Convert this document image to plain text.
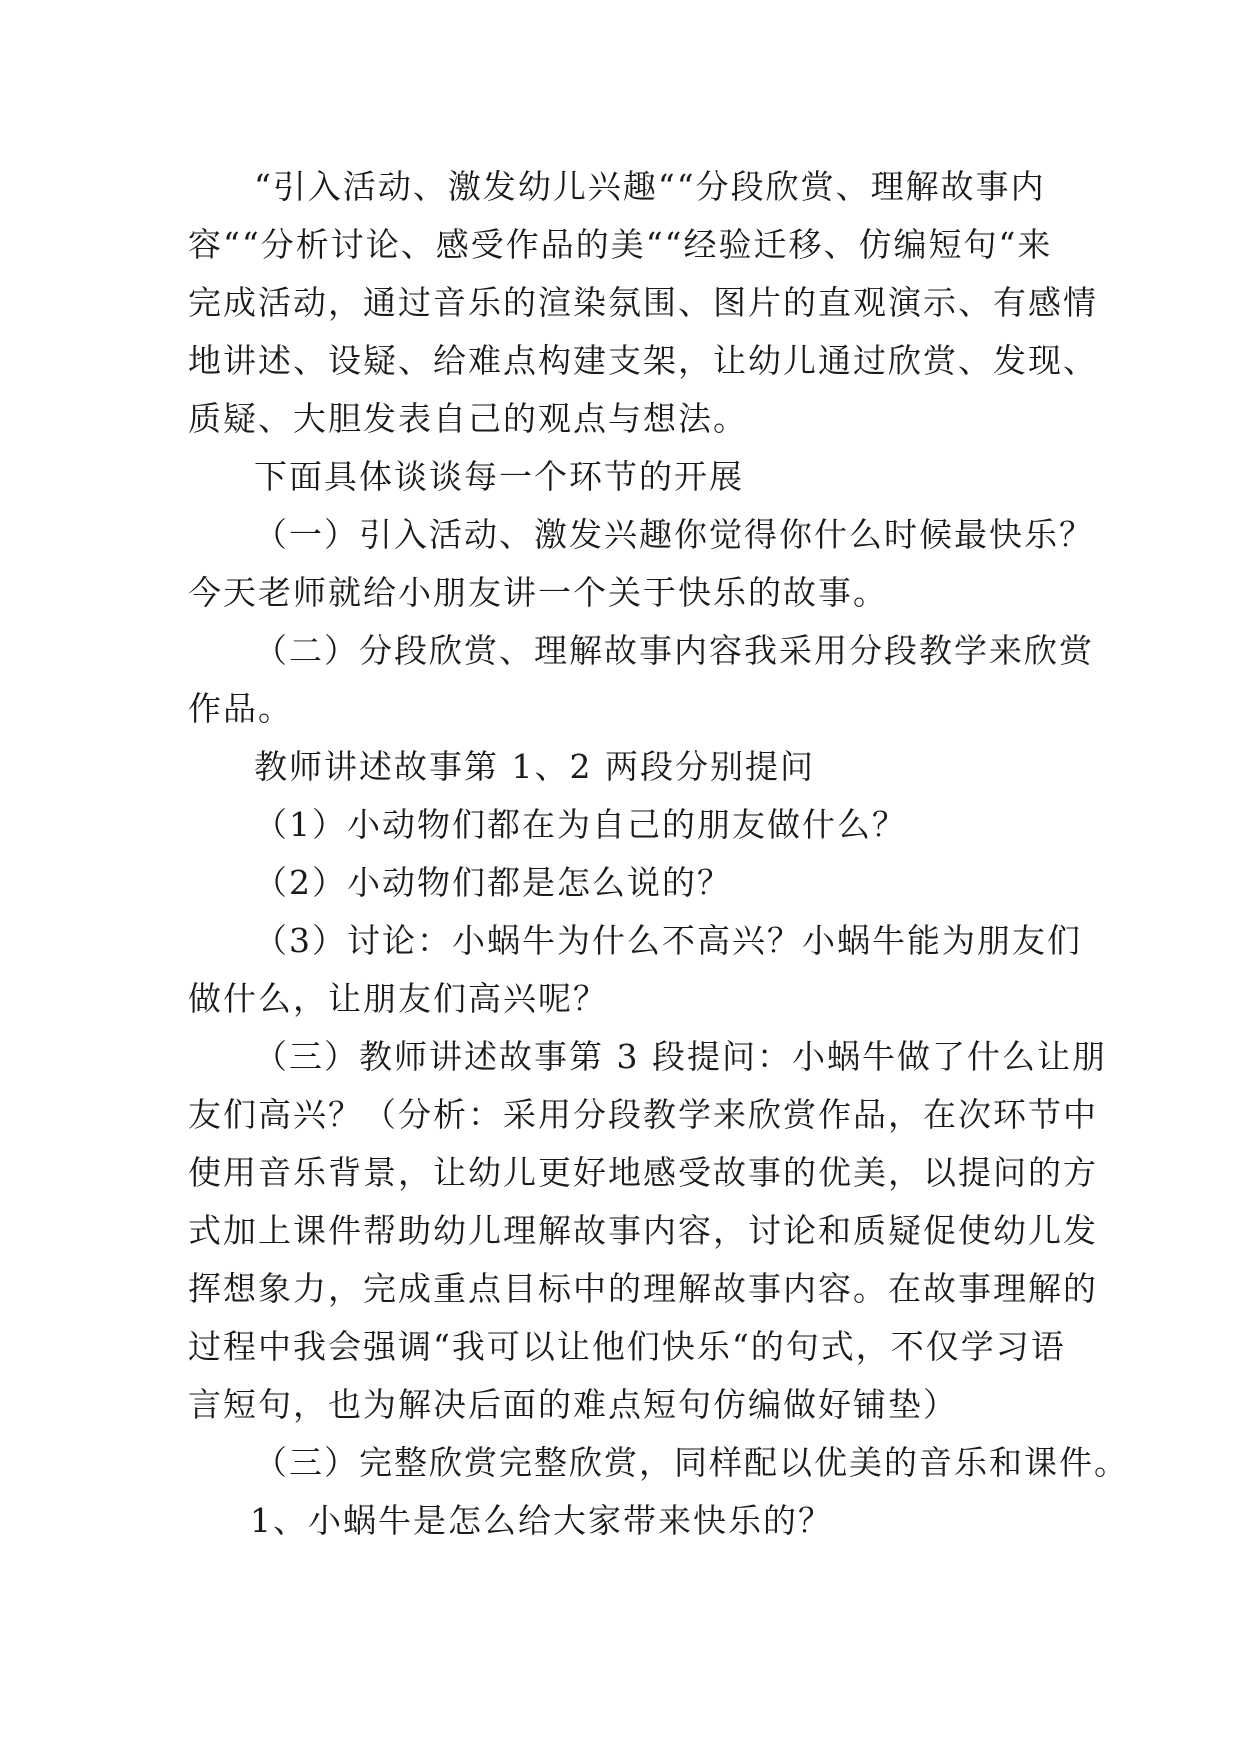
“引入活动、激发幼儿兴趣““分段欣赏、理解故事内
容““分析讨论、感受作品的美““经验迁移、仿编短句“来
完成活动，通过音乐的渲染氛围、图片的直观演示、有感情
地讲述、设疑、给难点构建支架，让幼儿通过欣赏、发现、
质疑、大胆发表自己的观点与想法。
下面具体谈谈每一个环节的开展
（一）引入活动、激发兴趣你觉得你什么时候最快乐？
今天老师就给小朋友讲一个关于快乐的故事。
（二）分段欣赏、理解故事内容我采用分段教学来欣赏
作品。
教师讲述故事第 1、2 两段分别提问
（1）小动物们都在为自己的朋友做什么？
（2）小动物们都是怎么说的？
（3）讨论：小蜗牛为什么不高兴？小蜗牛能为朋友们
做什么，让朋友们高兴呢？
（三）教师讲述故事第 3 段提问：小蜗牛做了什么让朋
友们高兴？（分析：采用分段教学来欣赏作品，在次环节中
使用音乐背景，让幼儿更好地感受故事的优美，以提问的方
式加上课件帮助幼儿理解故事内容，讨论和质疑促使幼儿发
挥想象力，完成重点目标中的理解故事内容。在故事理解的
过程中我会强调“我可以让他们快乐“的句式，不仅学习语
言短句，也为解决后面的难点短句仿编做好铺垫）
（三）完整欣赏完整欣赏，同样配以优美的音乐和课件。
1、小蜗牛是怎么给大家带来快乐的？
